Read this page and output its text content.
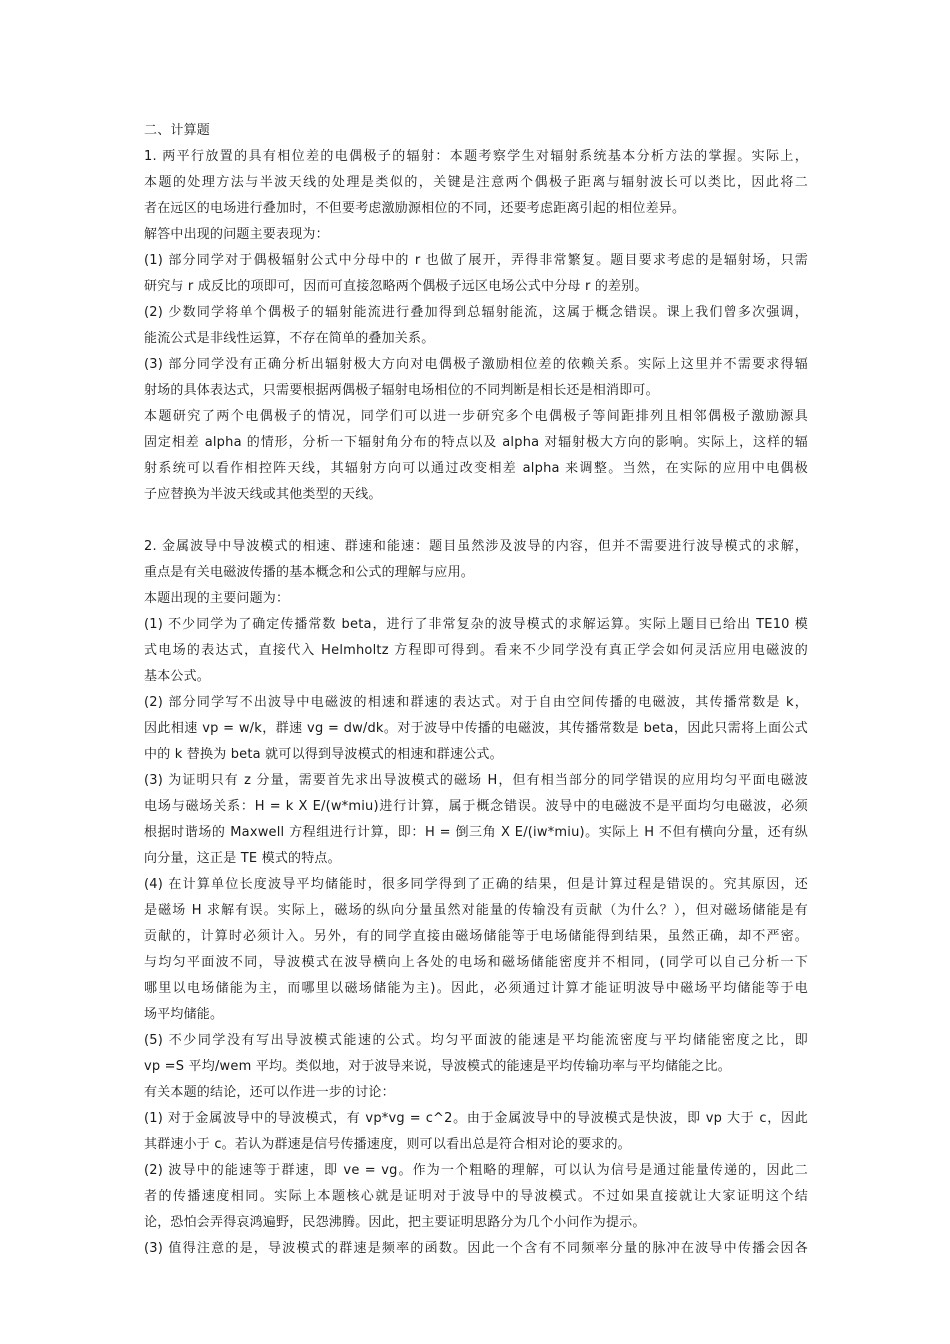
二、计算题
1. 两平行放置的具有相位差的电偶极子的辐射：本题考察学生对辐射系统基本分析方法的掌握。实际上，
本题的处理方法与半波天线的处理是类似的，关键是注意两个偶极子距离与辐射波长可以类比，因此将二
者在远区的电场进行叠加时，不但要考虑激励源相位的不同，还要考虑距离引起的相位差异。
解答中出现的问题主要表现为：
(1) 部分同学对于偶极辐射公式中分母中的 r 也做了展开，弄得非常繁复。题目要求考虑的是辐射场，只需
研究与 r 成反比的项即可，因而可直接忽略两个偶极子远区电场公式中分母 r 的差别。
(2) 少数同学将单个偶极子的辐射能流进行叠加得到总辐射能流，这属于概念错误。课上我们曾多次强调，
能流公式是非线性运算，不存在简单的叠加关系。
(3) 部分同学没有正确分析出辐射极大方向对电偶极子激励相位差的依赖关系。实际上这里并不需要求得辐
射场的具体表达式，只需要根据两偶极子辐射电场相位的不同判断是相长还是相消即可。
本题研究了两个电偶极子的情况，同学们可以进一步研究多个电偶极子等间距排列且相邻偶极子激励源具
固定相差 alpha 的情形，分析一下辐射角分布的特点以及 alpha 对辐射极大方向的影响。实际上，这样的辐
射系统可以看作相控阵天线，其辐射方向可以通过改变相差 alpha 来调整。当然，在实际的应用中电偶极
子应替换为半波天线或其他类型的天线。
2. 金属波导中导波模式的相速、群速和能速：题目虽然涉及波导的内容，但并不需要进行波导模式的求解，
重点是有关电磁波传播的基本概念和公式的理解与应用。
本题出现的主要问题为：
(1) 不少同学为了确定传播常数 beta，进行了非常复杂的波导模式的求解运算。实际上题目已给出 TE10 模
式电场的表达式，直接代入 Helmholtz 方程即可得到。看来不少同学没有真正学会如何灵活应用电磁波的
基本公式。
(2) 部分同学写不出波导中电磁波的相速和群速的表达式。对于自由空间传播的电磁波，其传播常数是 k，
因此相速 vp = w/k，群速 vg = dw/dk。对于波导中传播的电磁波，其传播常数是 beta，因此只需将上面公式
中的 k 替换为 beta 就可以得到导波模式的相速和群速公式。
(3) 为证明只有 z 分量，需要首先求出导波模式的磁场 H，但有相当部分的同学错误的应用均匀平面电磁波
电场与磁场关系：H = k X E/(w*miu)进行计算，属于概念错误。波导中的电磁波不是平面均匀电磁波，必须
根据时谐场的 Maxwell 方程组进行计算，即：H = 倒三角 X E/(iw*miu)。实际上 H 不但有横向分量，还有纵
向分量，这正是 TE 模式的特点。
(4) 在计算单位长度波导平均储能时，很多同学得到了正确的结果，但是计算过程是错误的。究其原因，还
是磁场 H 求解有误。实际上，磁场的纵向分量虽然对能量的传输没有贡献（为什么？），但对磁场储能是有
贡献的，计算时必须计入。另外，有的同学直接由磁场储能等于电场储能得到结果，虽然正确，却不严密。
与均匀平面波不同，导波模式在波导横向上各处的电场和磁场储能密度并不相同，(同学可以自己分析一下
哪里以电场储能为主，而哪里以磁场储能为主)。因此，必须通过计算才能证明波导中磁场平均储能等于电
场平均储能。
(5) 不少同学没有写出导波模式能速的公式。均匀平面波的能速是平均能流密度与平均储能密度之比，即
vp =S 平均/wem 平均。类似地，对于波导来说，导波模式的能速是平均传输功率与平均储能之比。
有关本题的结论，还可以作进一步的讨论：
(1) 对于金属波导中的导波模式，有 vp*vg = c^2。由于金属波导中的导波模式是快波，即 vp 大于 c，因此
其群速小于 c。若认为群速是信号传播速度，则可以看出总是符合相对论的要求的。
(2) 波导中的能速等于群速，即 ve = vg。作为一个粗略的理解，可以认为信号是通过能量传递的，因此二
者的传播速度相同。实际上本题核心就是证明对于波导中的导波模式。不过如果直接就让大家证明这个结
论，恐怕会弄得哀鸿遍野，民怨沸腾。因此，把主要证明思路分为几个小问作为提示。
(3) 值得注意的是，导波模式的群速是频率的函数。因此一个含有不同频率分量的脉冲在波导中传播会因各
